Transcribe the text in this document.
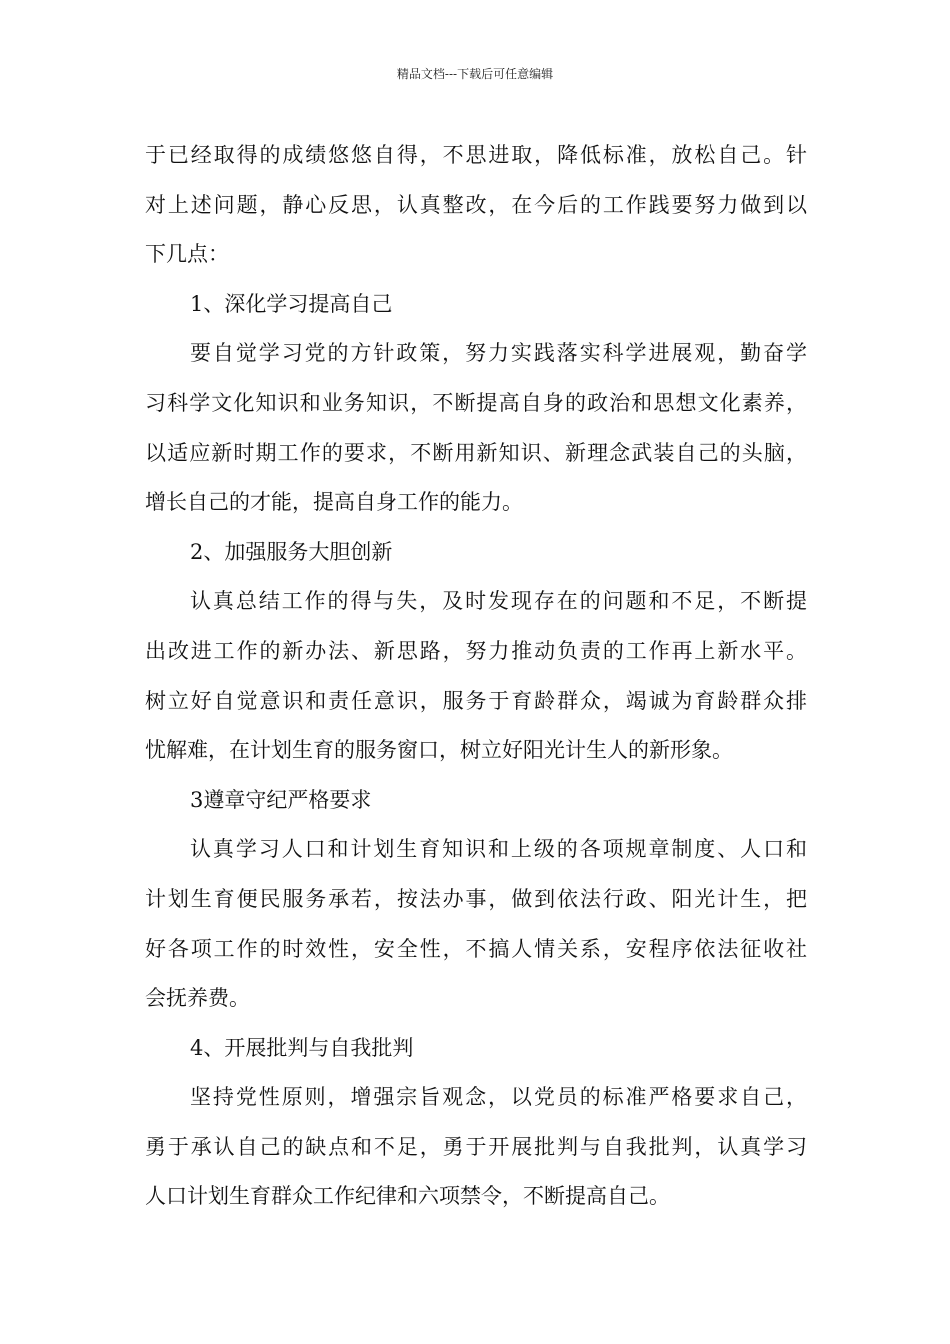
精品文档---下载后可任意编辑
于已经取得的成绩悠悠自得，不思进取，降低标准，放松自己。针
对上述问题，静心反思，认真整改，在今后的工作践要努力做到以
下几点：
1、深化学习提高自己
要自觉学习党的方针政策，努力实践落实科学进展观，勤奋学
习科学文化知识和业务知识，不断提高自身的政治和思想文化素养，
以适应新时期工作的要求，不断用新知识、新理念武装自己的头脑，
增长自己的才能，提高自身工作的能力。
2、加强服务大胆创新
认真总结工作的得与失，及时发现存在的问题和不足，不断提
出改进工作的新办法、新思路，努力推动负责的工作再上新水平。
树立好自觉意识和责任意识，服务于育龄群众，竭诚为育龄群众排
忧解难，在计划生育的服务窗口，树立好阳光计生人的新形象。
3遵章守纪严格要求
认真学习人口和计划生育知识和上级的各项规章制度、人口和
计划生育便民服务承若，按法办事，做到依法行政、阳光计生，把
好各项工作的时效性，安全性，不搞人情关系，安程序依法征收社
会抚养费。
4、开展批判与自我批判
坚持党性原则，增强宗旨观念，以党员的标准严格要求自己，
勇于承认自己的缺点和不足，勇于开展批判与自我批判，认真学习
人口计划生育群众工作纪律和六项禁令，不断提高自己。
